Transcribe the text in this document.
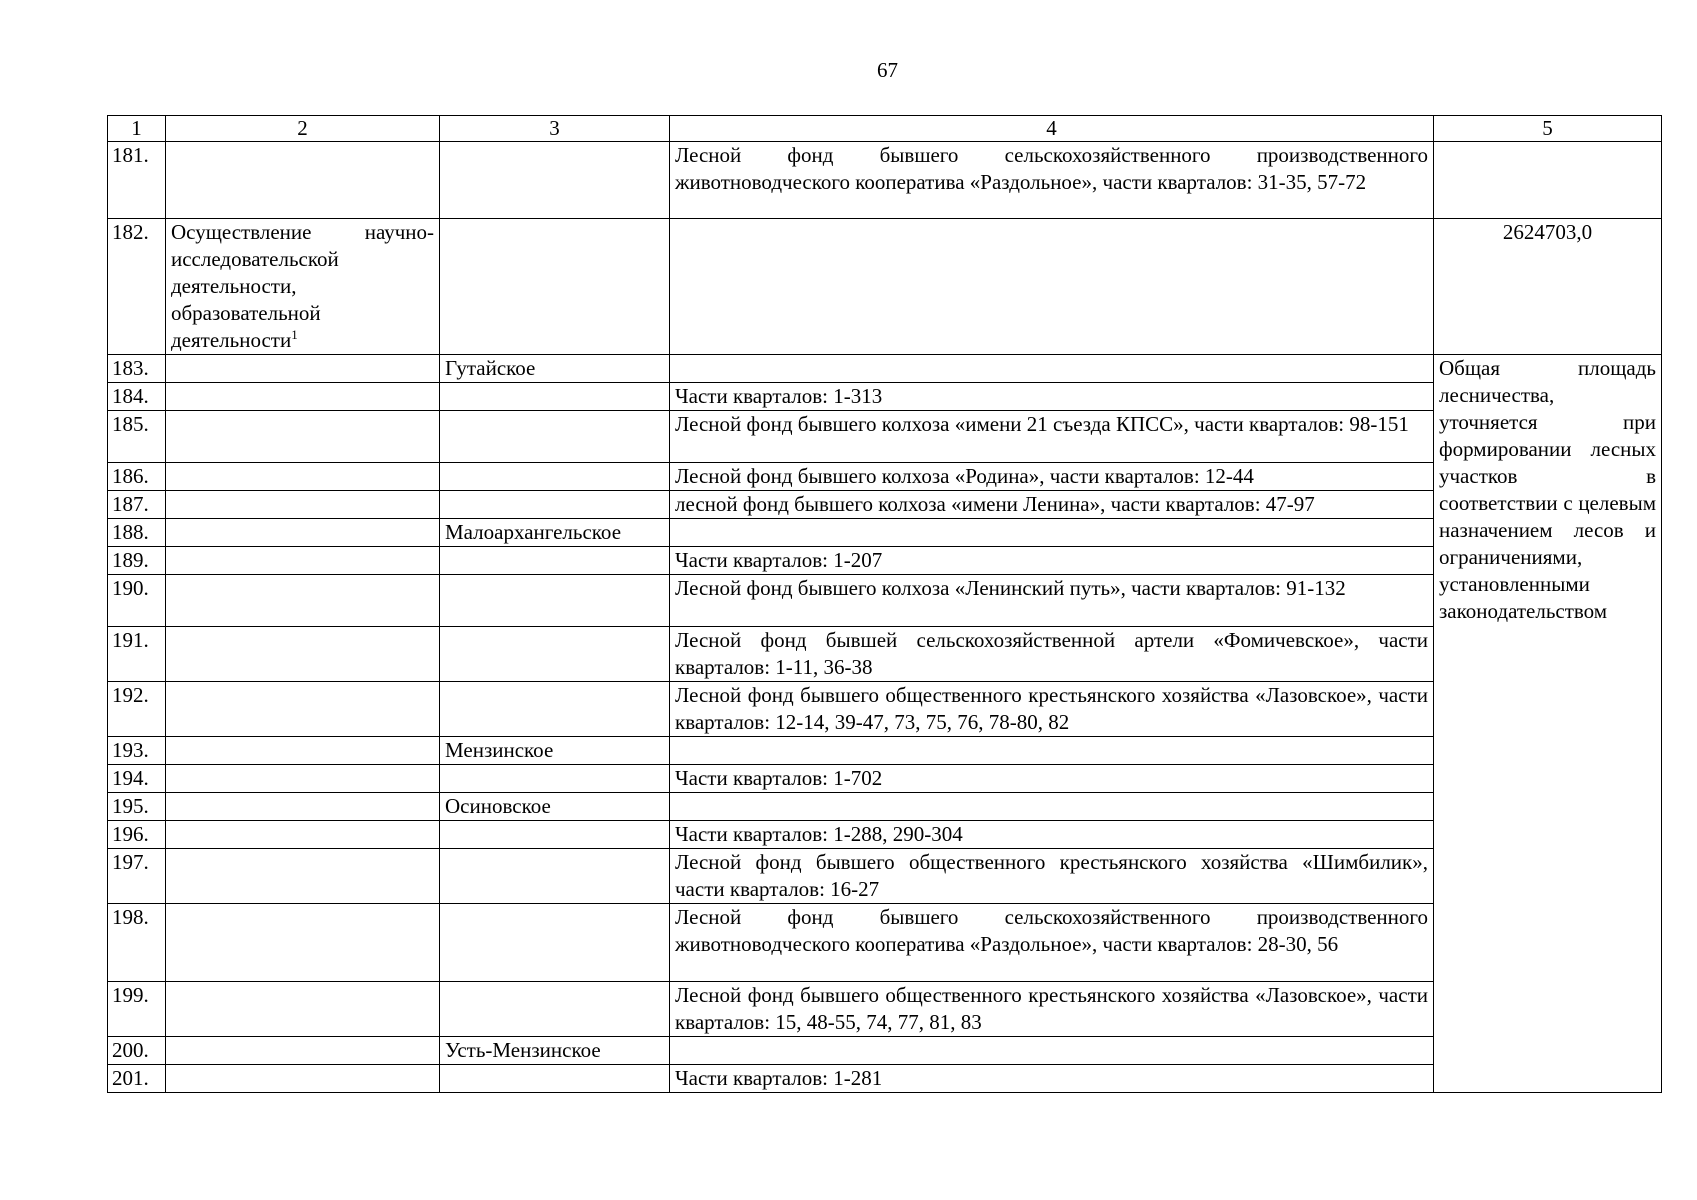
67
1	2	3	4	5
181.			Лесной фонд бывшего сельскохозяйственного производственного животноводческого кооператива «Раздольное», части кварталов: 31-35, 57-72	
182.	Осуществление научно-исследовательской деятельности, образовательной деятельности$^1$			2624703,0
183.		Гутайское		Общая площадь лесничества, уточняется при формировании лесных участков в соответствии с целевым назначением лесов и ограничениями, установленными законодательством
184.			Части кварталов: 1-313	
185.			Лесной фонд бывшего колхоза «имени 21 съезда КПСС», части кварталов: 98-151	
186.			Лесной фонд бывшего колхоза «Родина», части кварталов: 12-44	
187.			лесной фонд бывшего колхоза «имени Ленина», части кварталов: 47-97	
188.		Малоархангельское		
189.			Части кварталов: 1-207	
190.			Лесной фонд бывшего колхоза «Ленинский путь», части кварталов: 91-132	
191.			Лесной фонд бывшей сельскохозяйственной артели «Фомичевское», части кварталов: 1-11, 36-38	
192.			Лесной фонд бывшего общественного крестьянского хозяйства «Лазовское», части кварталов: 12-14, 39-47, 73, 75, 76, 78-80, 82	
193.		Мензинское		
194.			Части кварталов: 1-702	
195.		Осиновское		
196.			Части кварталов: 1-288, 290-304	
197.			Лесной фонд бывшего общественного крестьянского хозяйства «Шимбилик», части кварталов: 16-27	
198.			Лесной фонд бывшего сельскохозяйственного производственного животноводческого кооператива «Раздольное», части кварталов: 28-30, 56	
199.			Лесной фонд бывшего общественного крестьянского хозяйства «Лазовское», части кварталов: 15, 48-55, 74, 77, 81, 83	
200.		Усть-Мензинское		
201.			Части кварталов: 1-281	
